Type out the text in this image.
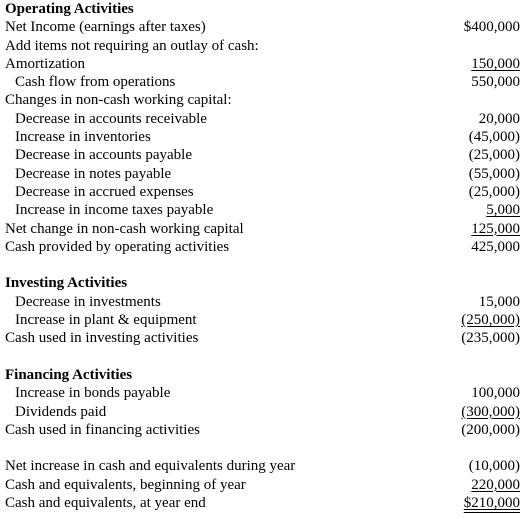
Operating Activities
Net Income (earnings after taxes)	$400,000
Add items not requiring an outlay of cash:
Amortization	150,000
Cash flow from operations	550,000
Changes in non-cash working capital:
Decrease in accounts receivable	20,000
Increase in inventories	(45,000)
Decrease in accounts payable	(25,000)
Decrease in notes payable	(55,000)
Decrease in accrued expenses	(25,000)
Increase in income taxes payable	5,000
Net change in non-cash working capital	125,000
Cash provided by operating activities	425,000
Investing Activities
Decrease in investments	15,000
Increase in plant & equipment	(250,000)
Cash used in investing activities	(235,000)
Financing Activities
Increase in bonds payable	100,000
Dividends paid	(300,000)
Cash used in financing activities	(200,000)
Net increase in cash and equivalents during year	(10,000)
Cash and equivalents, beginning of year	220,000
Cash and equivalents, at year end	$210,000
